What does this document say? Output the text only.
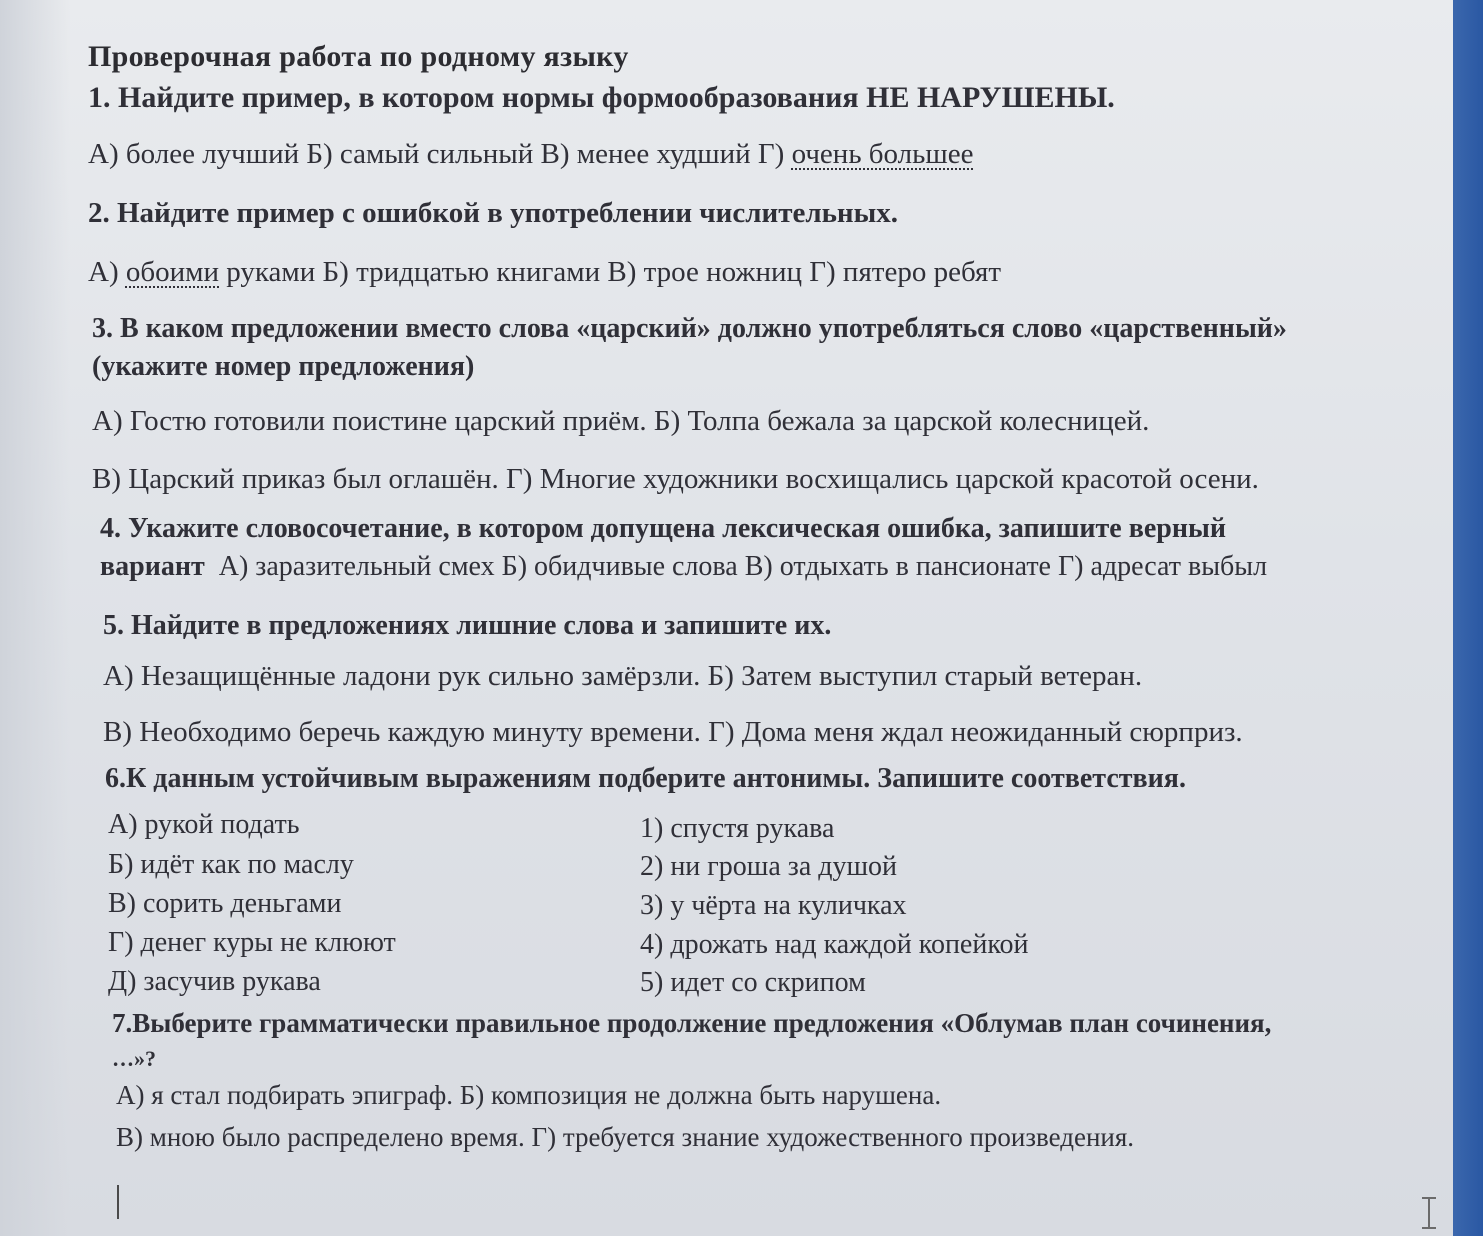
Проверочная работа по родному языку
1. Найдите пример, в котором нормы формообразования НЕ НАРУШЕНЫ.
А) более лучший Б) самый сильный В) менее худший Г) очень большее
2. Найдите пример с ошибкой в употреблении числительных.
А) обоими руками Б) тридцатью книгами В) трое ножниц Г) пятеро ребят
3. В каком предложении вместо слова «царский» должно употребляться слово «царственный»
(укажите номер предложения)
А) Гостю готовили поистине царский приём. Б) Толпа бежала за царской колесницей.
В) Царский приказ был оглашён. Г) Многие художники восхищались царской красотой осени.
4. Укажите словосочетание, в котором допущена лексическая ошибка, запишите верный
вариант А) заразительный смех Б) обидчивые слова В) отдыхать в пансионате Г) адресат выбыл
5. Найдите в предложениях лишние слова и запишите их.
А) Незащищённые ладони рук сильно замёрзли. Б) Затем выступил старый ветеран.
В) Необходимо беречь каждую минуту времени. Г) Дома меня ждал неожиданный сюрприз.
6.К данным устойчивым выражениям подберите антонимы. Запишите соответствия.
А) рукой подать
Б) идёт как по маслу
В) сорить деньгами
Г) денег куры не клюют
Д) засучив рукава
1) спустя рукава
2) ни гроша за душой
3) у чёрта на куличках
4) дрожать над каждой копейкой
5) идет со скрипом
7.Выберите грамматически правильное продолжение предложения «Облумав план сочинения,
…»?
А) я стал подбирать эпиграф. Б) композиция не должна быть нарушена.
В) мною было распределено время. Г) требуется знание художественного произведения.
